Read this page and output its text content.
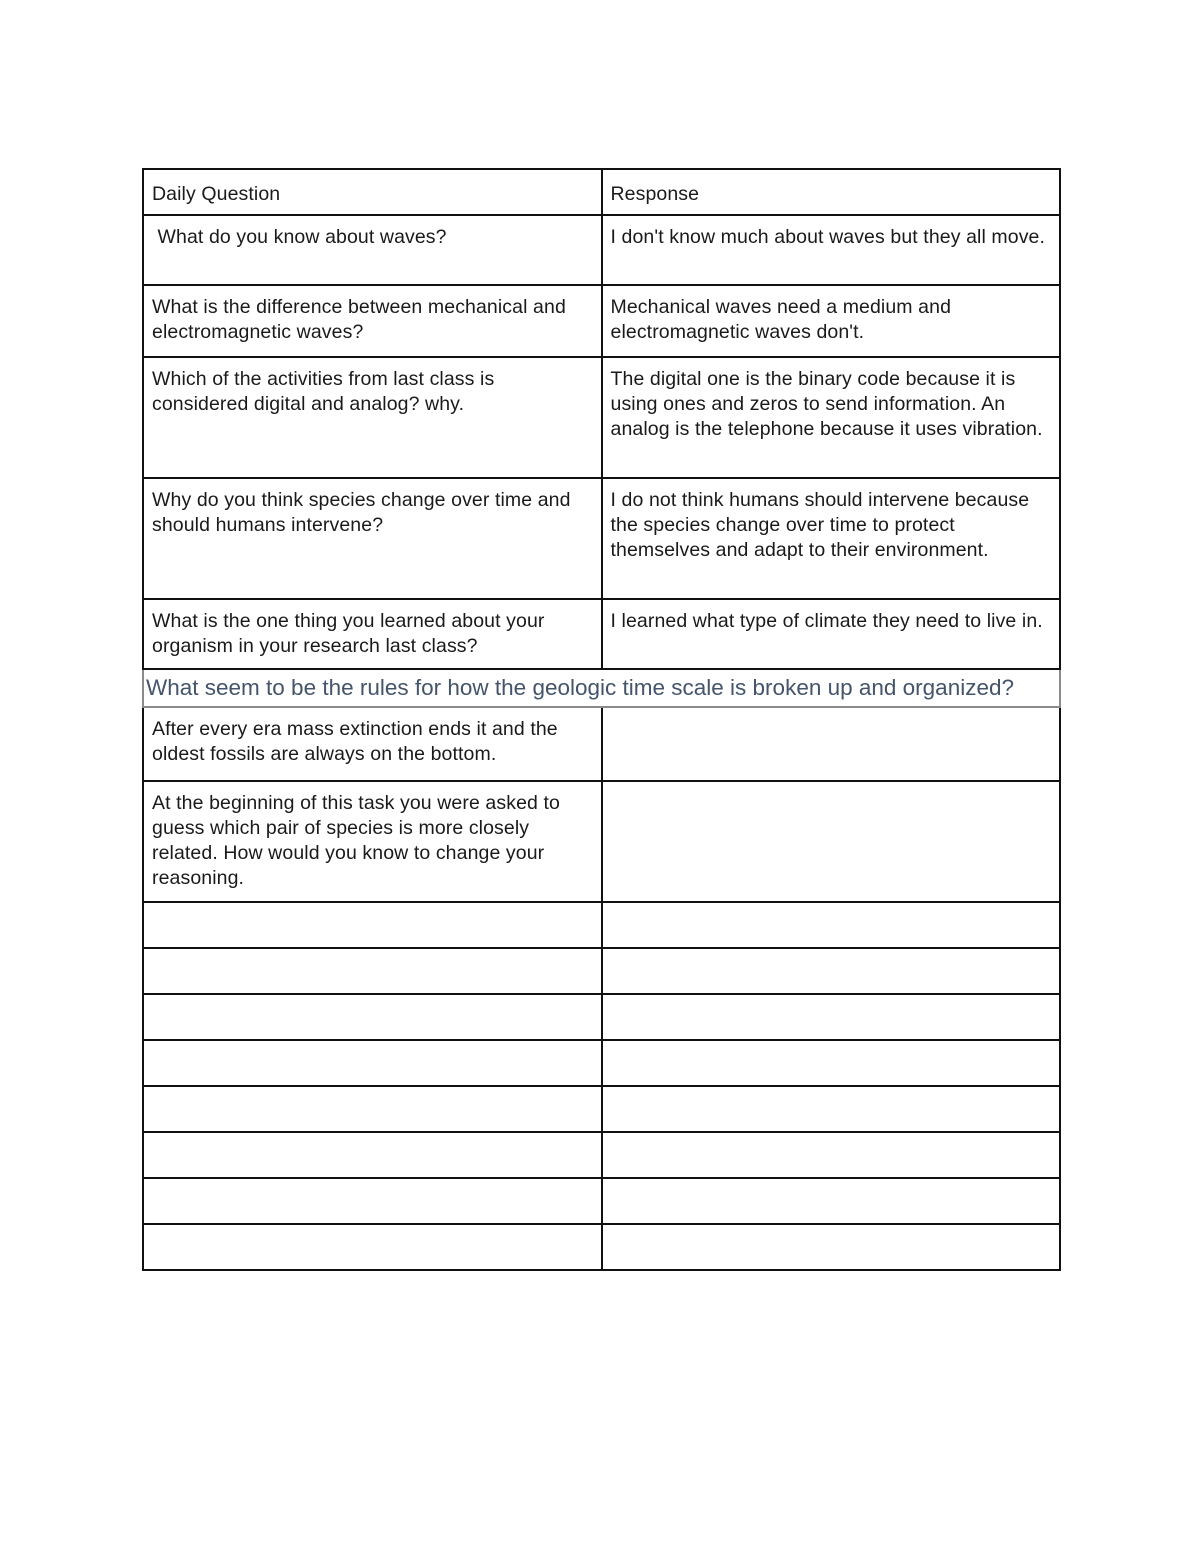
Daily Question	Response
What do you know about waves?	I don't know much about waves but they all move.
What is the difference between mechanical and electromagnetic waves?	Mechanical waves need a medium and electromagnetic waves don't.
Which of the activities from last class is considered digital and analog? why.	The digital one is the binary code because it is using ones and zeros to send information. An analog is the telephone because it uses vibration.
Why do you think species change over time and should humans intervene?	I do not think humans should intervene because the species change over time to protect themselves and adapt to their environment.
What is the one thing you learned about your organism in your research last class?	I learned what type of climate they need to live in.
What seem to be the rules for how the geologic time scale is broken up and organized?	
After every era mass extinction ends it and the oldest fossils are always on the bottom.	
At the beginning of this task you were asked to guess which pair of species is more closely related. How would you know to change your reasoning.	
